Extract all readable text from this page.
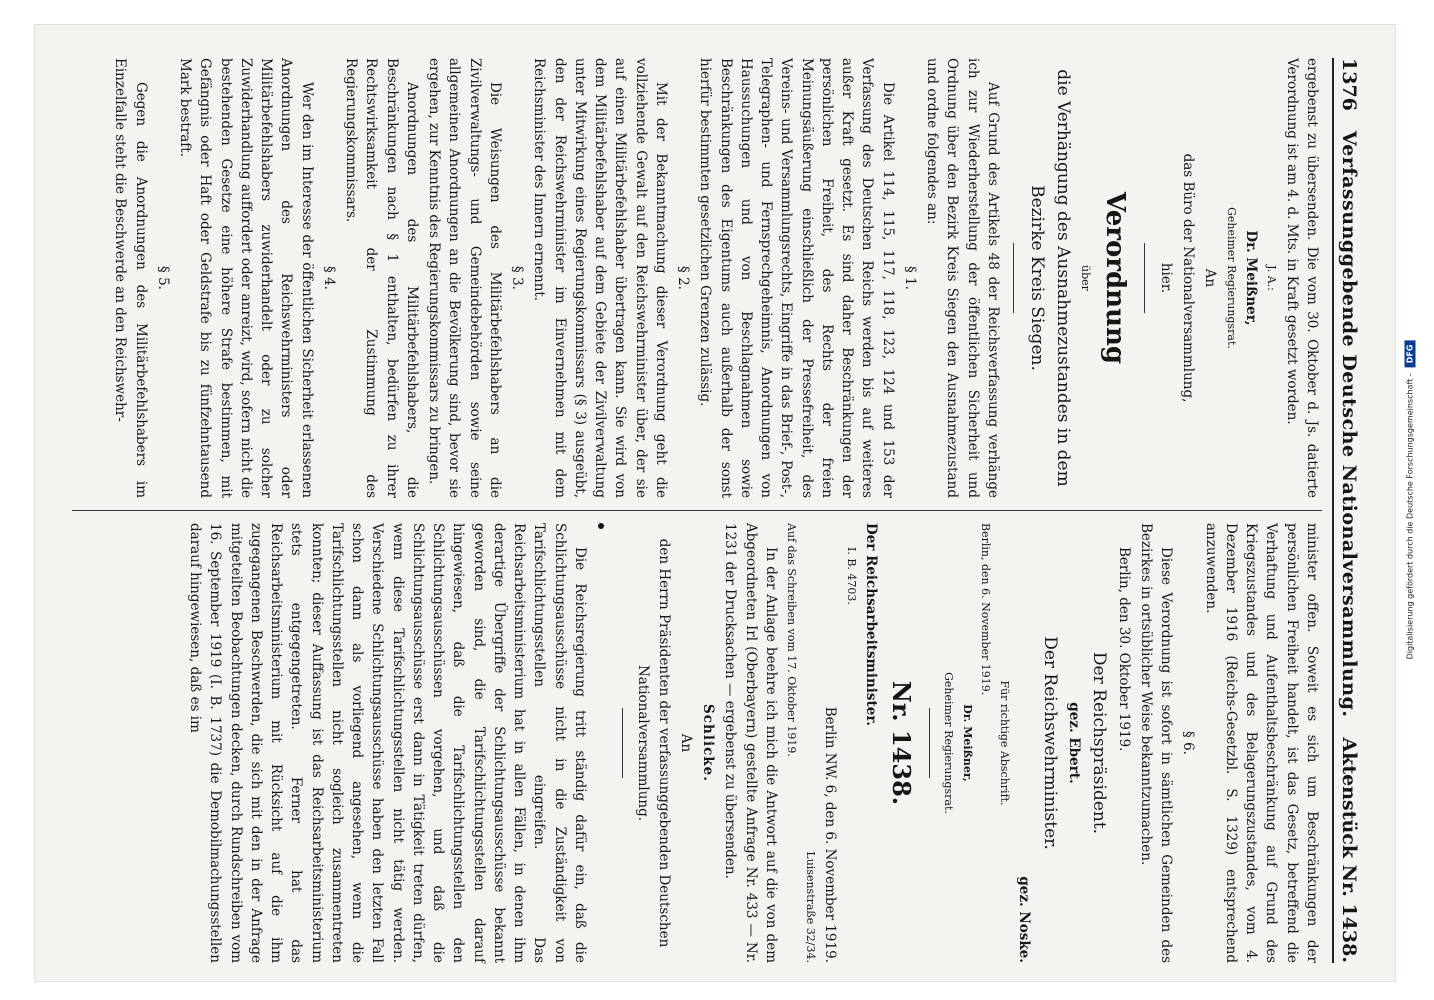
Digitalisierung gefördert durch die Deutsche Forschungsgemeinschaft -
DFG
1376
Verfassunggebende Deutsche Nationalversammlung.
Aktenstück Nr. 1438.

ergebenst zu übersenden. Die vom 30. Oktober d. Js. datierte Verordnung ist am 4. d. Mts. in Kraft gesetzt worden.

J. A.:

Dr. Meißner,

Geheimer Regierungsrat.

An

das Büro der Nationalversammlung,

hier.

Verordnung

über

die Verhängung des Ausnahmezustandes in dem Bezirke Kreis Siegen.

Auf Grund des Artikels 48 der Reichsverfassung verhänge ich zur Wiederherstellung der öffentlichen Sicherheit und Ordnung über den Bezirk Kreis Siegen den Ausnahmezustand und ordne folgendes an:

§ 1.

Die Artikel 114, 115, 117, 118, 123, 124 und 153 der Verfassung des Deutschen Reichs werden bis auf weiteres außer Kraft gesetzt. Es sind daher Beschränkungen der persönlichen Freiheit, des Rechts der freien Meinungsäußerung einschließlich der Pressefreiheit, des Vereins- und Versammlungsrechts, Eingriffe in das Brief-, Post-, Telegraphen- und Fernsprechgeheimnis, Anordnungen von Haussuchungen und von Beschlagnahmen sowie Beschränkungen des Eigentums auch außerhalb der sonst hierfür bestimmten gesetzlichen Grenzen zulässig.

§ 2.

Mit der Bekanntmachung dieser Verordnung geht die vollziehende Gewalt auf den Reichswehrminister über, der sie auf einen Militärbefehlshaber übertragen kann. Sie wird von dem Militärbefehlshaber auf dem Gebiete der Zivilverwaltung unter Mitwirkung eines Regierungskommissars (§ 3) ausgeübt, den der Reichswehrminister im Einvernehmen mit dem Reichsminister des Innern ernennt.

§ 3.

Die Weisungen des Militärbefehlshabers an die Zivilverwaltungs- und Gemeindebehörden sowie seine allgemeinen Anordnungen an die Bevölkerung sind, bevor sie ergehen, zur Kenntnis des Regierungskommissars zu bringen.

Anordnungen des Militärbefehlshabers, die Beschränkungen nach § 1 enthalten, bedürfen zu ihrer Rechtswirksamkeit der Zustimmung des Regierungskommissars.

§ 4.

Wer den im Interesse der öffentlichen Sicherheit erlassenen Anordnungen des Reichswehrministers oder Militärbefehlshabers zuwiderhandelt oder zu solcher Zuwiderhandlung auffordert oder anreizt, wird, sofern nicht die bestehenden Gesetze eine höhere Strafe bestimmen, mit Gefängnis oder Haft oder Geldstrafe bis zu fünfzehntausend Mark bestraft.

§ 5.

Gegen die Anordnungen des Militärbefehlshabers im Einzelfalle steht die Beschwerde an den Reichswehr-

minister offen. Soweit es sich um Beschränkungen der persönlichen Freiheit handelt, ist das Gesetz, betreffend die Verhaftung und Aufenthaltsbeschränkung auf Grund des Kriegszustandes und des Belagerungszustandes, vom 4. Dezember 1916 (Reichs-Gesetzbl. S. 1329) entsprechend anzuwenden.

§ 6.

Diese Verordnung ist sofort in sämtlichen Gemeinden des Bezirkes in ortsüblicher Weise bekanntzumachen.

Berlin, den 30. Oktober 1919.

Der Reichspräsident.

gez. Ebert.

Der Reichswehrminister.

gez. Noske.

Für richtige Abschrift.

Berlin, den 6. November 1919.

Dr. Meißner,

Geheimer Regierungsrat.

Nr. 1438.

Der Reichsarbeitsminister.

I. B. 4703.

Berlin NW. 6, den 6. November 1919.

Luisenstraße 32/34.

Auf das Schreiben vom 17. Oktober 1919.

In der Anlage beehre ich mich die Antwort auf die von dem Abgeordneten Irl (Oberbayern) gestellte Anfrage Nr. 433 — Nr. 1231 der Drucksachen — ergebenst zu übersenden.

Schlicke.

An

den Herrn Präsidenten der verfassunggebenden Deutschen Nationalversammlung.

Die Reichsregierung tritt ständig dafür ein, daß die Schlichtungsausschüsse nicht in die Zuständigkeit von Tarifschlichtungsstellen eingreifen. Das Reichsarbeitsministerium hat in allen Fällen, in denen ihm derartige Übergriffe der Schlichtungsausschüsse bekannt geworden sind, die Tarifschlichtungsstellen darauf hingewiesen, daß die Tarifschlichtungsstellen den Schlichtungsausschüssen vorgehen, und daß die Schlichtungsausschüsse erst dann in Tätigkeit treten dürfen, wenn diese Tarifschlichtungsstellen nicht tätig werden. Verschiedene Schlichtungsausschüsse haben den letzten Fall schon dann als vorliegend angesehen, wenn die Tarifschlichtungsstellen nicht sogleich zusammentreten konnten; dieser Auffassung ist das Reichsarbeitsministerium stets entgegengetreten. Ferner hat das Reichsarbeitsministerium mit Rücksicht auf die ihm zugegangenen Beschwerden, die sich mit den in der Anfrage mitgeteilten Beobachtungen decken, durch Rundschreiben vom 16. September 1919 (I. B. 1737) die Demobilmachungsstellen darauf hingewiesen, daß es im
